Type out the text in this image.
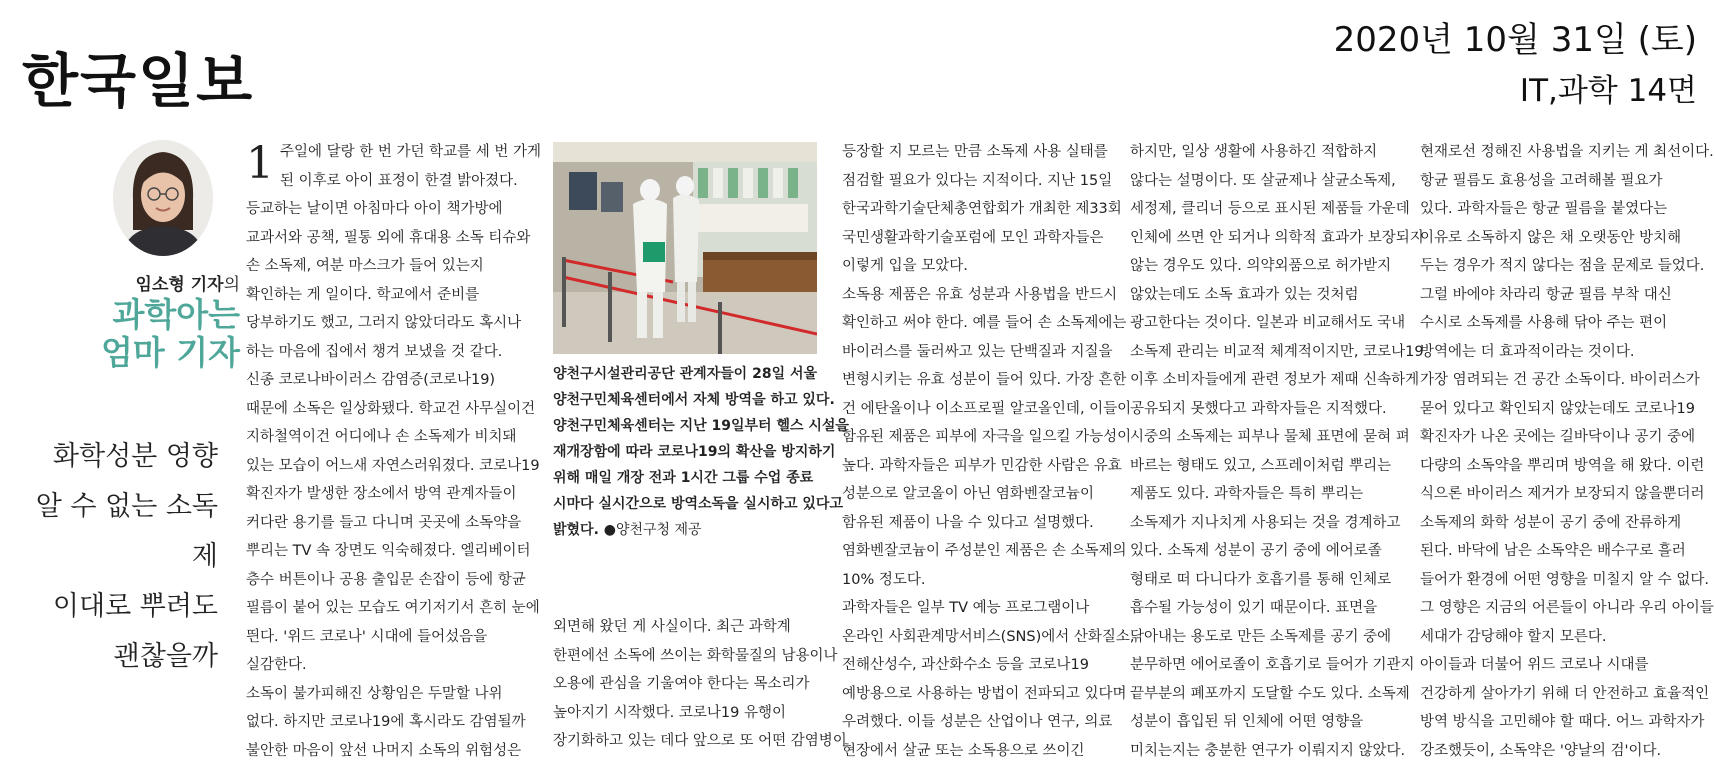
한국일보
2020년 10월 31일 (토)
IT,과학 14면
임소형 기자의
과학아는
엄마 기자
화학성분 영향
알 수 없는 소독제
이대로 뿌려도
괜찮을까
1 주일에 달랑 한 번 가던 학교를 세 번 가게

된 이후로 아이 표정이 한결 밝아졌다.

등교하는 날이면 아침마다 아이 책가방에

교과서와 공책, 필통 외에 휴대용 소독 티슈와

손 소독제, 여분 마스크가 들어 있는지

확인하는 게 일이다. 학교에서 준비를

당부하기도 했고, 그러지 않았더라도 혹시나

하는 마음에 집에서 챙겨 보냈을 것 같다.

신종 코로나바이러스 감염증(코로나19)

때문에 소독은 일상화됐다. 학교건 사무실이건

지하철역이건 어디에나 손 소독제가 비치돼

있는 모습이 어느새 자연스러워졌다. 코로나19

확진자가 발생한 장소에서 방역 관계자들이

커다란 용기를 들고 다니며 곳곳에 소독약을

뿌리는 TV 속 장면도 익숙해졌다. 엘리베이터

층수 버튼이나 공용 출입문 손잡이 등에 항균

필름이 붙어 있는 모습도 여기저기서 흔히 눈에

띈다. '위드 코로나' 시대에 들어섰음을

실감한다.

소독이 불가피해진 상황임은 두말할 나위

없다. 하지만 코로나19에 혹시라도 감염될까

불안한 마음이 앞선 나머지 소독의 위험성은

양천구시설관리공단 관계자들이 28일 서울
양천구민체육센터에서 자체 방역을 하고 있다.
양천구민체육센터는 지난 19일부터 헬스 시설을
재개장함에 따라 코로나19의 확산을 방지하기
위해 매일 개장 전과 1시간 그룹 수업 종료
시마다 실시간으로 방역소독을 실시하고 있다고
밝혔다. ●양천구청 제공

외면해 왔던 게 사실이다. 최근 과학계

한편에선 소독에 쓰이는 화학물질의 남용이나

오용에 관심을 기울여야 한다는 목소리가

높아지기 시작했다. 코로나19 유행이

장기화하고 있는 데다 앞으로 또 어떤 감염병이

등장할 지 모르는 만큼 소독제 사용 실태를

점검할 필요가 있다는 지적이다. 지난 15일

한국과학기술단체총연합회가 개최한 제33회

국민생활과학기술포럼에 모인 과학자들은

이렇게 입을 모았다.

소독용 제품은 유효 성분과 사용법을 반드시

확인하고 써야 한다. 예를 들어 손 소독제에는

바이러스를 둘러싸고 있는 단백질과 지질을

변형시키는 유효 성분이 들어 있다. 가장 흔한

건 에탄올이나 이소프로필 알코올인데, 이들이

함유된 제품은 피부에 자극을 일으킬 가능성이

높다. 과학자들은 피부가 민감한 사람은 유효

성분으로 알코올이 아닌 염화벤잘코늄이

함유된 제품이 나을 수 있다고 설명했다.

염화벤잘코늄이 주성분인 제품은 손 소독제의

10% 정도다.

과학자들은 일부 TV 예능 프로그램이나

온라인 사회관계망서비스(SNS)에서 산화질소,

전해산성수, 과산화수소 등을 코로나19

예방용으로 사용하는 방법이 전파되고 있다며

우려했다. 이들 성분은 산업이나 연구, 의료

현장에서 살균 또는 소독용으로 쓰이긴

하지만, 일상 생활에 사용하긴 적합하지

않다는 설명이다. 또 살균제나 살균소독제,

세정제, 클리너 등으로 표시된 제품들 가운데

인체에 쓰면 안 되거나 의학적 효과가 보장되지

않는 경우도 있다. 의약외품으로 허가받지

않았는데도 소독 효과가 있는 것처럼

광고한다는 것이다. 일본과 비교해서도 국내

소독제 관리는 비교적 체계적이지만, 코로나19

이후 소비자들에게 관련 정보가 제때 신속하게

공유되지 못했다고 과학자들은 지적했다.

시중의 소독제는 피부나 물체 표면에 묻혀 펴

바르는 형태도 있고, 스프레이처럼 뿌리는

제품도 있다. 과학자들은 특히 뿌리는

소독제가 지나치게 사용되는 것을 경계하고

있다. 소독제 성분이 공기 중에 에어로졸

형태로 떠 다니다가 호흡기를 통해 인체로

흡수될 가능성이 있기 때문이다. 표면을

닦아내는 용도로 만든 소독제를 공기 중에

분무하면 에어로졸이 호흡기로 들어가 기관지

끝부분의 폐포까지 도달할 수도 있다. 소독제

성분이 흡입된 뒤 인체에 어떤 영향을

미치는지는 충분한 연구가 이뤄지지 않았다.

현재로선 정해진 사용법을 지키는 게 최선이다.

항균 필름도 효용성을 고려해볼 필요가

있다. 과학자들은 항균 필름을 붙였다는

이유로 소독하지 않은 채 오랫동안 방치해

두는 경우가 적지 않다는 점을 문제로 들었다.

그럴 바에야 차라리 항균 필름 부착 대신

수시로 소독제를 사용해 닦아 주는 편이

방역에는 더 효과적이라는 것이다.

가장 염려되는 건 공간 소독이다. 바이러스가

묻어 있다고 확인되지 않았는데도 코로나19

확진자가 나온 곳에는 길바닥이나 공기 중에

다량의 소독약을 뿌리며 방역을 해 왔다. 이런

식으론 바이러스 제거가 보장되지 않을뿐더러

소독제의 화학 성분이 공기 중에 잔류하게

된다. 바닥에 남은 소독약은 배수구로 흘러

들어가 환경에 어떤 영향을 미칠지 알 수 없다.

그 영향은 지금의 어른들이 아니라 우리 아이들

세대가 감당해야 할지 모른다.

아이들과 더불어 위드 코로나 시대를

건강하게 살아가기 위해 더 안전하고 효율적인

방역 방식을 고민해야 할 때다. 어느 과학자가

강조했듯이, 소독약은 '양날의 검'이다.
